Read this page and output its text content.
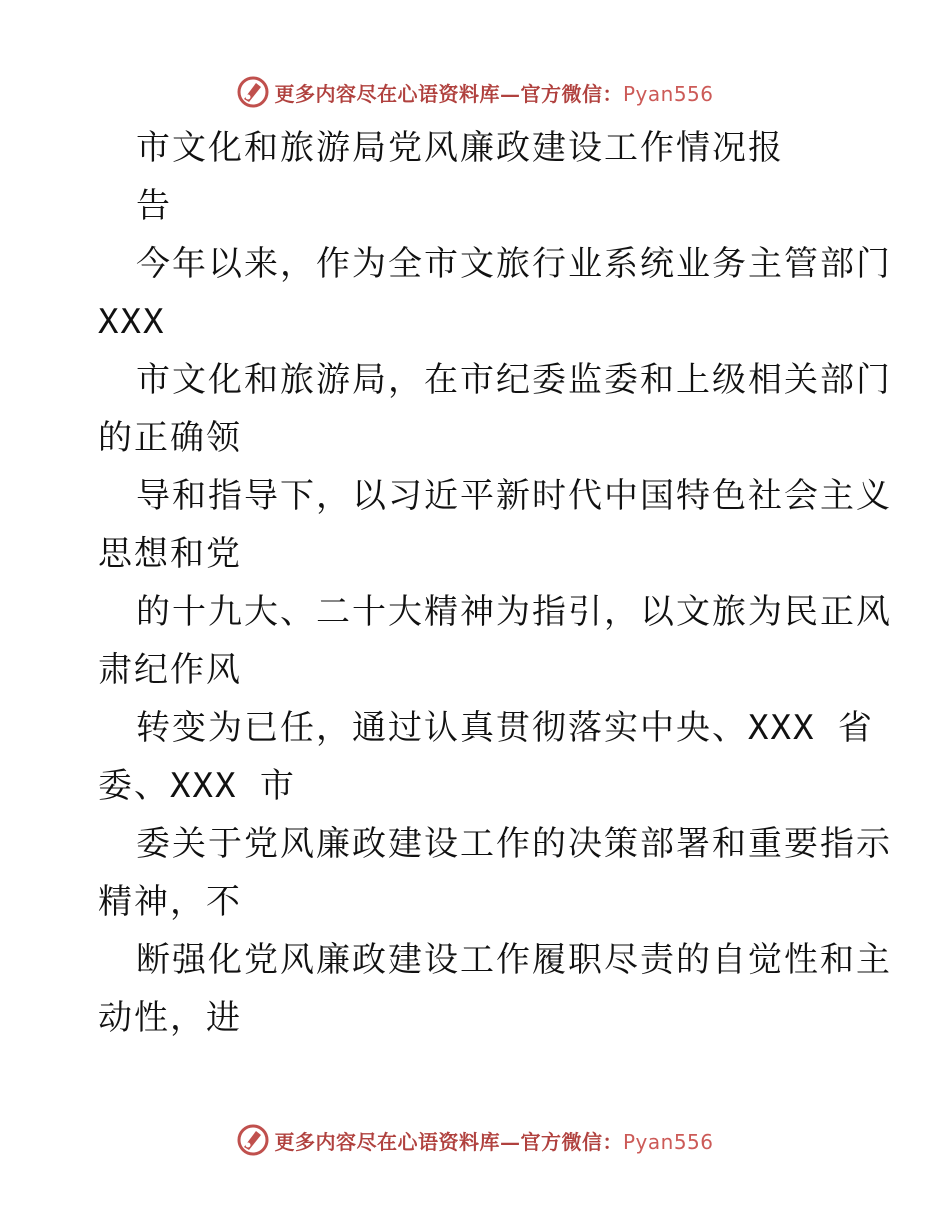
更多内容尽在心语资料库—官方微信：Pyan556
市文化和旅游局党风廉政建设工作情况报
告
今年以来，作为全市文旅行业系统业务主管部门
XXX
市文化和旅游局，在市纪委监委和上级相关部门
的正确领
导和指导下，以习近平新时代中国特色社会主义
思想和党
的十九大、二十大精神为指引，以文旅为民正风
肃纪作风
转变为已任，通过认真贯彻落实中央、XXX 省
委、XXX 市
委关于党风廉政建设工作的决策部署和重要指示
精神，不
断强化党风廉政建设工作履职尽责的自觉性和主
动性，进
更多内容尽在心语资料库—官方微信：Pyan556
